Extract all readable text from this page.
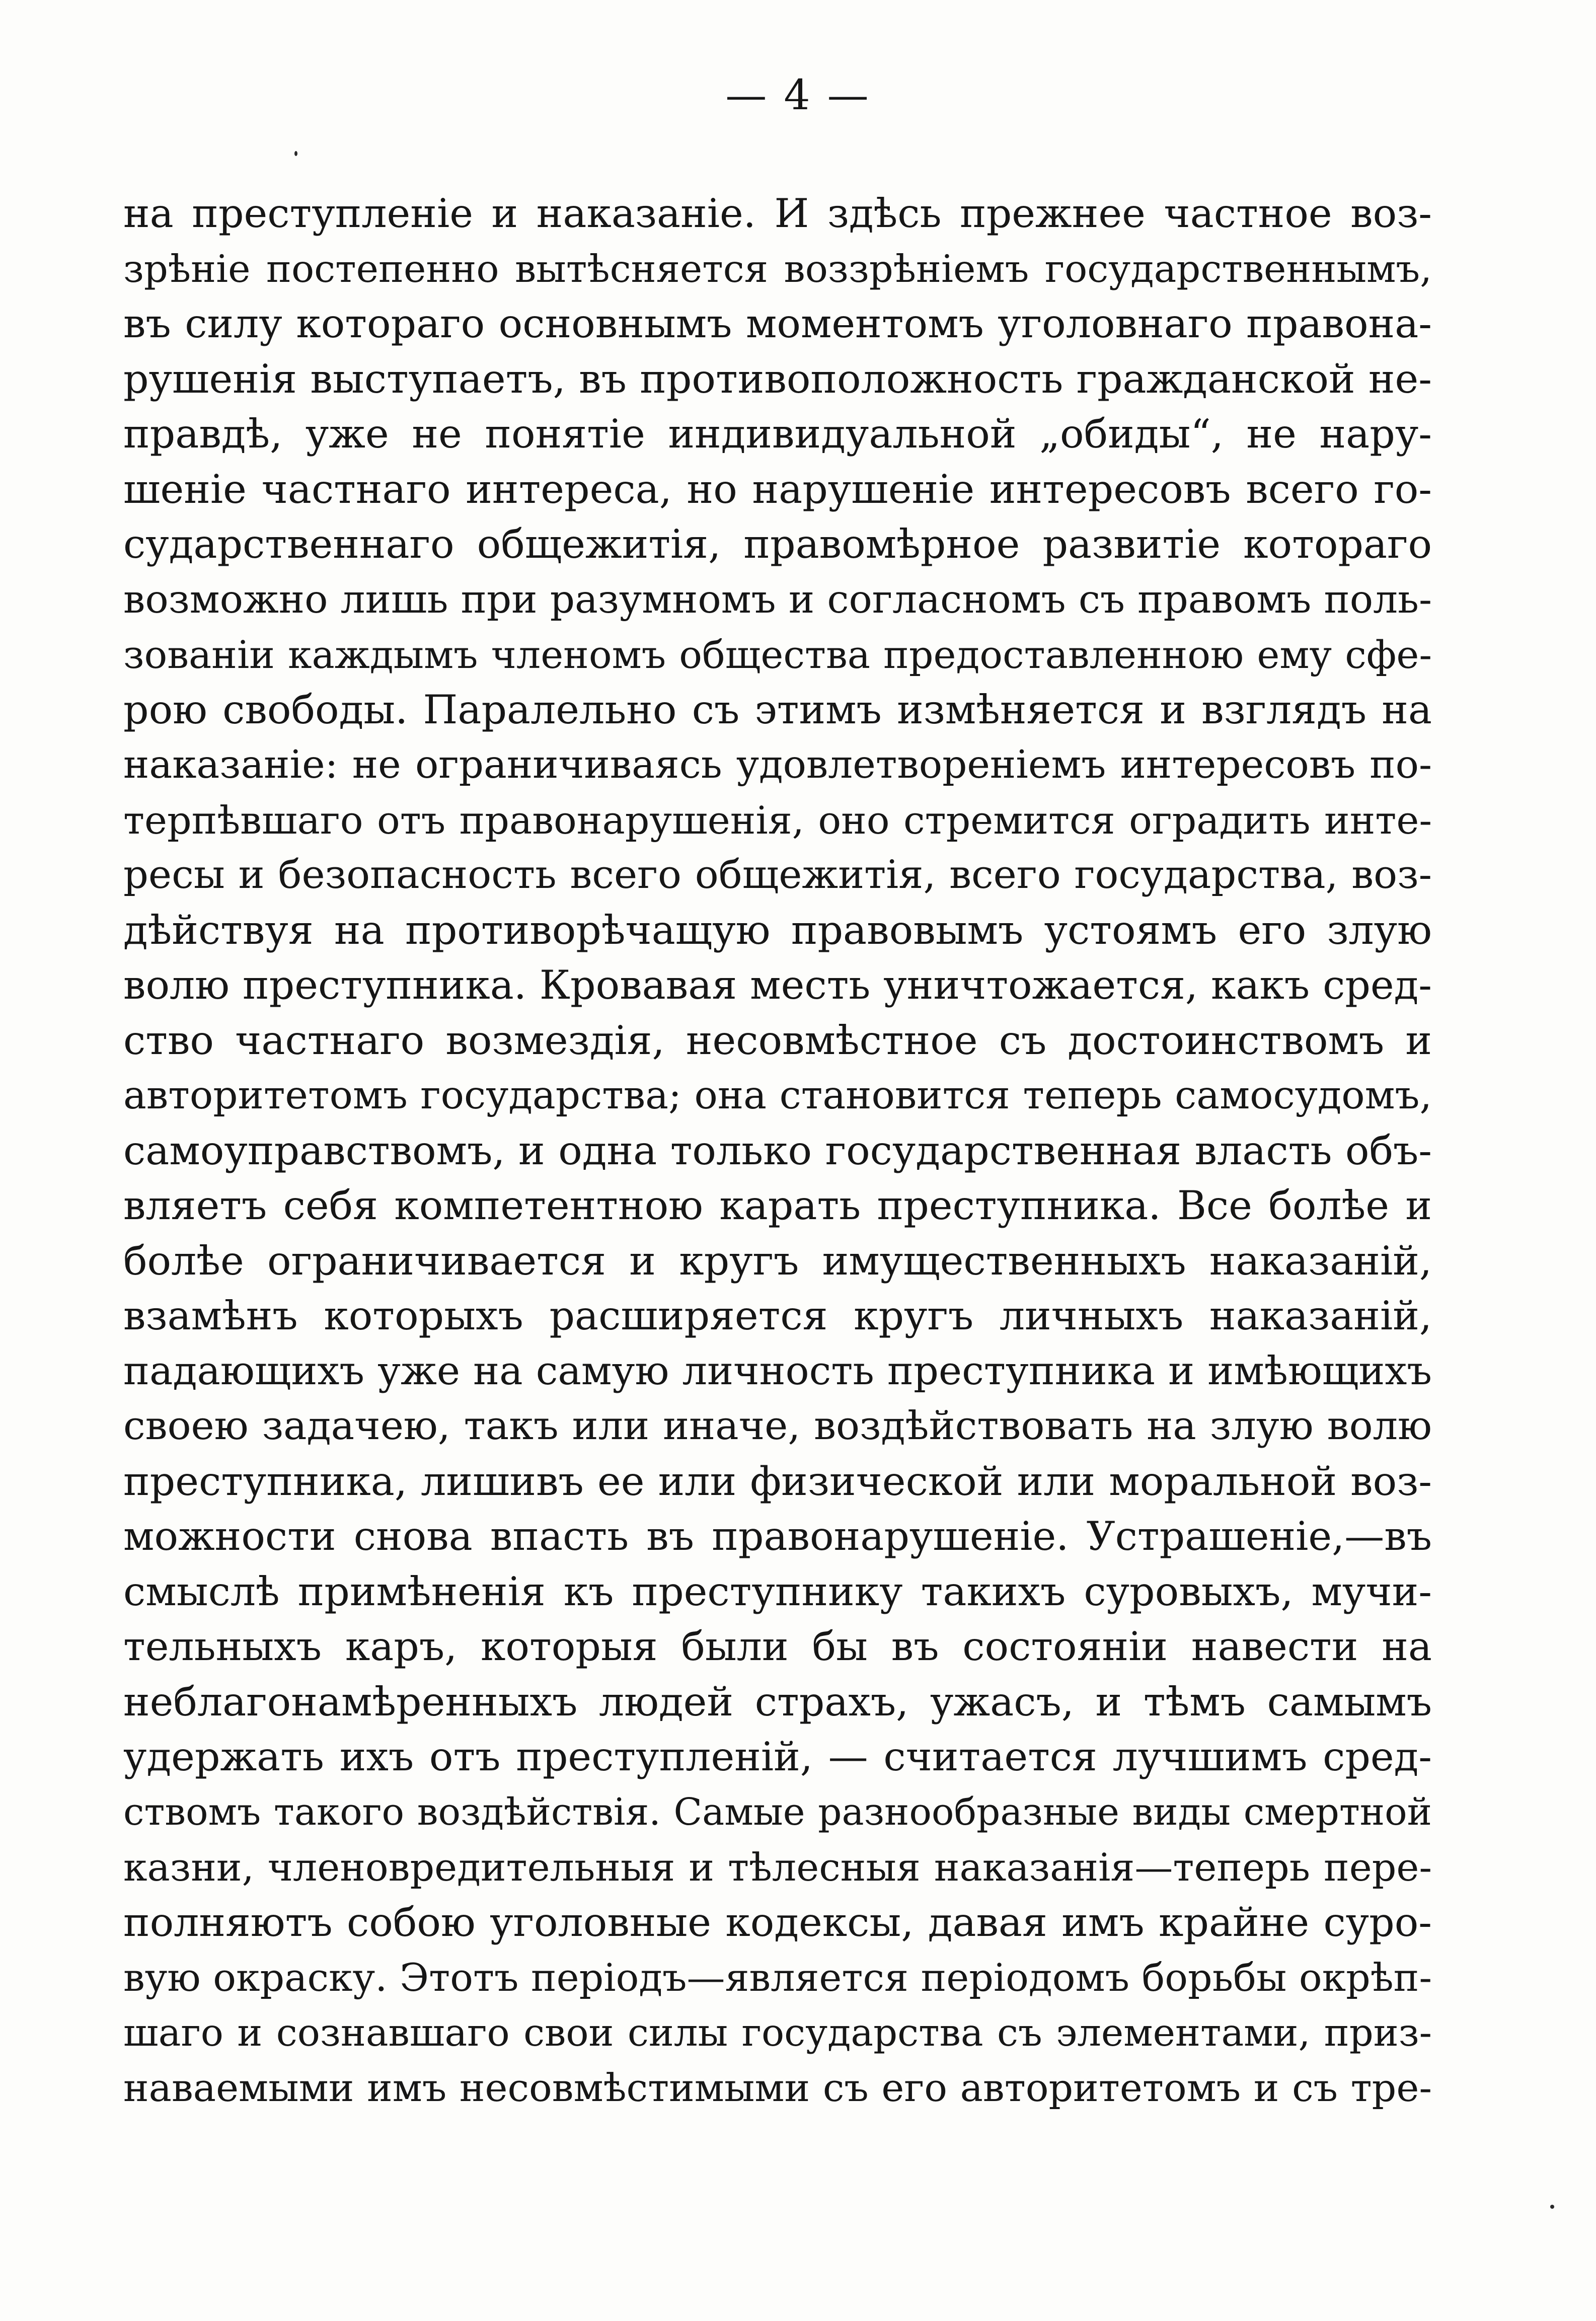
— 4 —
на преступленіе и наказаніе. И здѣсь прежнее частное воз-
зрѣніе постепенно вытѣсняется воззрѣніемъ государственнымъ,
въ силу котораго основнымъ моментомъ уголовнаго правона-
рушенія выступаетъ, въ противоположность гражданской не-
правдѣ, уже не понятіе индивидуальной „обиды“, не нару-
шеніе частнаго интереса, но нарушеніе интересовъ всего го-
сударственнаго общежитія, правомѣрное развитіе котораго
возможно лишь при разумномъ и согласномъ съ правомъ поль-
зованіи каждымъ членомъ общества предоставленною ему сфе-
рою свободы. Паралельно съ этимъ измѣняется и взглядъ на
наказаніе: не ограничиваясь удовлетвореніемъ интересовъ по-
терпѣвшаго отъ правонарушенія, оно стремится оградить инте-
ресы и безопасность всего общежитія, всего государства, воз-
дѣйствуя на противорѣчащую правовымъ устоямъ его злую
волю преступника. Кровавая месть уничтожается, какъ сред-
ство частнаго возмездія, несовмѣстное съ достоинствомъ и
авторитетомъ государства; она становится теперь самосудомъ,
самоуправствомъ, и одна только государственная власть объ-
вляетъ себя компетентною карать преступника. Все болѣе и
болѣе ограничивается и кругъ имущественныхъ наказаній,
взамѣнъ которыхъ расширяется кругъ личныхъ наказаній,
падающихъ уже на самую личность преступника и имѣющихъ
своею задачею, такъ или иначе, воздѣйствовать на злую волю
преступника, лишивъ ее или физической или моральной воз-
можности снова впасть въ правонарушеніе. Устрашеніе,—въ
смыслѣ примѣненія къ преступнику такихъ суровыхъ, мучи-
тельныхъ каръ, которыя были бы въ состояніи навести на
неблагонамѣренныхъ людей страхъ, ужасъ, и тѣмъ самымъ
удержать ихъ отъ преступленій, — считается лучшимъ сред-
ствомъ такого воздѣйствія. Самые разнообразные виды смертной
казни, членовредительныя и тѣлесныя наказанія—теперь пере-
полняютъ собою уголовные кодексы, давая имъ крайне суро-
вую окраску. Этотъ періодъ—является періодомъ борьбы окрѣп-
шаго и сознавшаго свои силы государства съ элементами, приз-
наваемыми имъ несовмѣстимыми съ его авторитетомъ и съ тре-
